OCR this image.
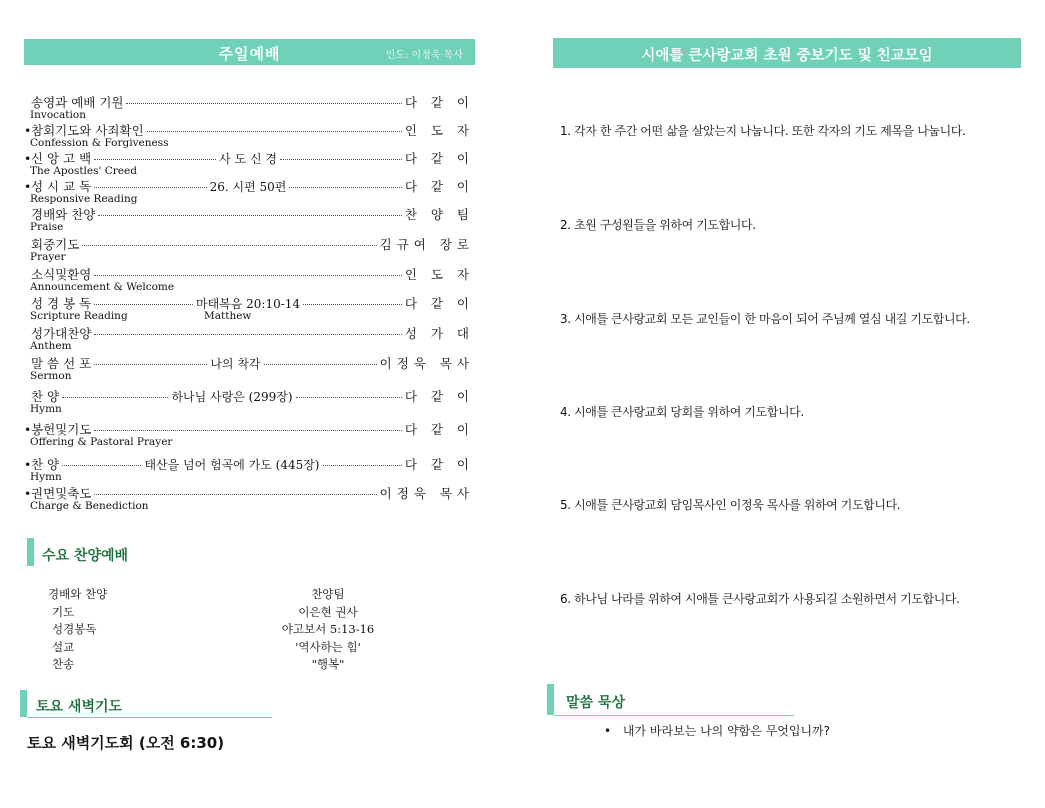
주일예배	인도: 이정욱 목사
송영과 예배 기원	다 같 이
Invocation
• 참회기도와 사죄확인	인 도 자
Confession & Forgiveness
• 신 앙 고 백	사 도 신 경	다 같 이
The Apostles' Creed
• 성 시 교 독	26. 시편 50편	다 같 이
Responsive Reading
경배와 찬양	찬 양 팀
Praise
회중기도	김규여 장로
Prayer
소식및환영	인 도 자
Announcement & Welcome
성 경 봉 독	마태복음 20:10-14	다 같 이
Scripture Reading	Matthew
성가대찬양	성 가 대
Anthem
말 씀 선 포	나의 착각	이정욱 목사
Sermon
찬 양	하나님 사랑은 (299장)	다 같 이
Hymn
• 봉헌및기도	다 같 이
Offering & Pastoral Prayer
• 찬 양	태산을 넘어 험곡에 가도 (445장)	다 같 이
Hymn
• 권면및축도	이정욱 목사
Charge & Benediction
수요 찬양예배
경배와 찬양	찬양팀
기도	이은현 권사
성경봉독	야고보서 5:13-16
설교	'역사하는 힘'
찬송	"행복"
토요 새벽기도
토요 새벽기도회 (오전 6:30)
시애틀 큰사랑교회 초원 중보기도 및 친교모임
1. 각자 한 주간 어떤 삶을 살았는지 나눕니다. 또한 각자의 기도 제목을 나눕니다.
2. 초원 구성원들을 위하여 기도합니다.
3. 시애틀 큰사랑교회 모든 교인들이 한 마음이 되어 주님께 열심 내길 기도합니다.
4. 시애틀 큰사랑교회 당회를 위하여 기도합니다.
5. 시애틀 큰사랑교회 담임목사인 이정욱 목사를 위하여 기도합니다.
6. 하나님 나라를 위하여 시애틀 큰사랑교회가 사용되길 소원하면서 기도합니다.
말씀 묵상
• 내가 바라보는 나의 약함은 무엇입니까?
